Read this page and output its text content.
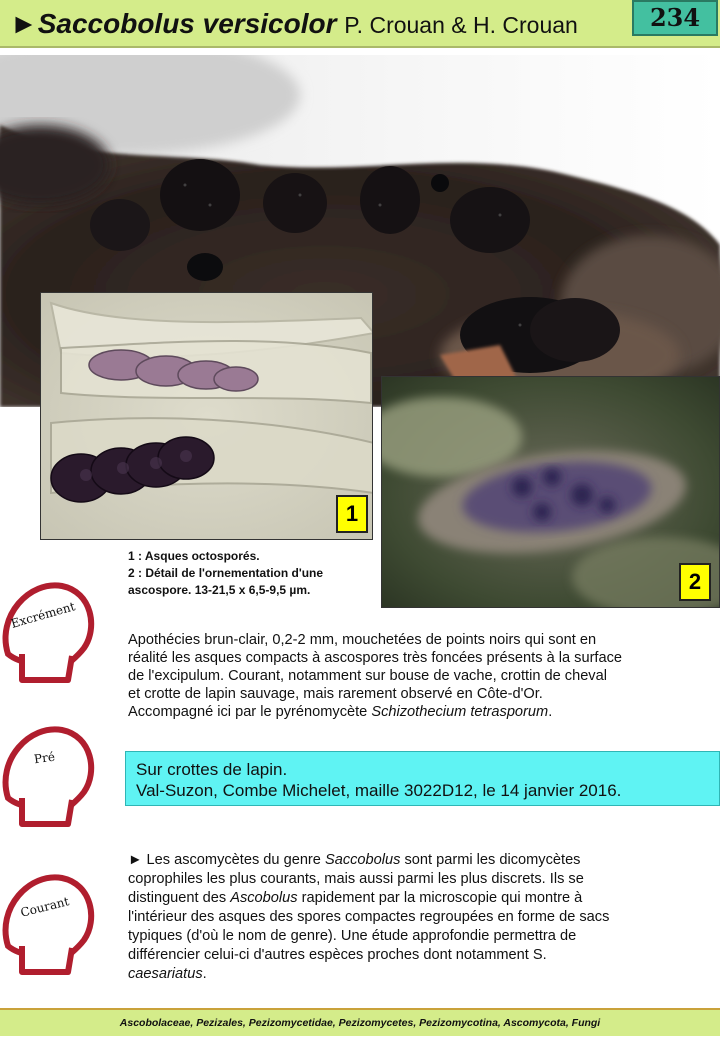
►Saccobolus versicolor P. Crouan & H. Crouan	234
1
2
1 : Asques octosporés.
2 : Détail de l'ornementation d'une
ascospore. 13-21,5 x 6,5-9,5 µm.
Excrément
Pré
Courant

Apothécies brun-clair, 0,2-2 mm, mouchetées de points noirs qui sont en

réalité les asques compacts à ascospores très foncées présents à la surface

de l'excipulum. Courant, notamment sur bouse de vache, crottin de cheval

et crotte de lapin sauvage, mais rarement observé en Côte-d'Or.

Accompagné ici par le pyrénomycète Schizothecium tetrasporum.

Sur crottes de lapin.
Val-Suzon, Combe Michelet, maille 3022D12, le 14 janvier 2016.

► Les ascomycètes du genre Saccobolus sont parmi les dicomycètes

coprophiles les plus courants, mais aussi parmi les plus discrets. Ils se

distinguent des Ascobolus rapidement par la microscopie qui montre à

l'intérieur des asques des spores compactes regroupées en forme de sacs

typiques (d'où le nom de genre). Une étude approfondie permettra de

différencier celui-ci d'autres espèces proches dont notamment S.

caesariatus.

Ascobolaceae, Pezizales, Pezizomycetidae, Pezizomycetes, Pezizomycotina, Ascomycota, Fungi
